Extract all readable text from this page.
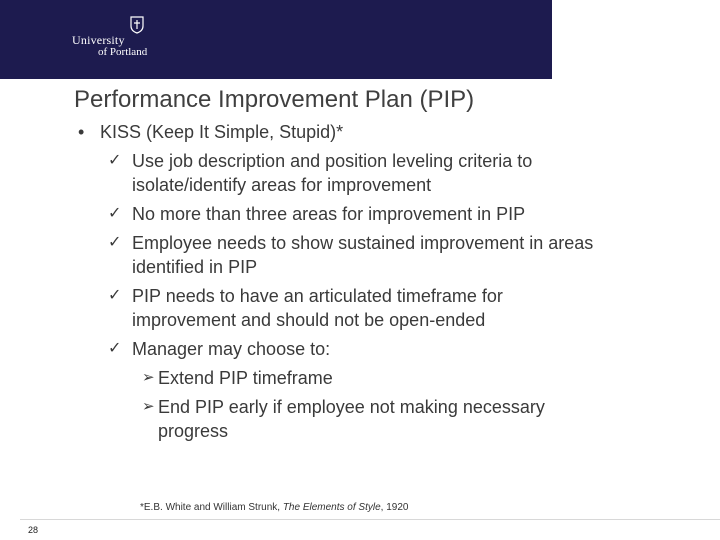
University
of Portland
Performance Improvement Plan (PIP)
• KISS (Keep It Simple, Stupid)*
✓ Use job description and position leveling criteria to isolate/identify areas for improvement
✓ No more than three areas for improvement in PIP
✓ Employee needs to show sustained improvement in areas identified in PIP
✓ PIP needs to have an articulated timeframe for improvement and should not be open-ended
✓ Manager may choose to:
➢ Extend PIP timeframe
➢ End PIP early if employee not making necessary progress
*E.B. White and William Strunk, The Elements of Style, 1920
28
